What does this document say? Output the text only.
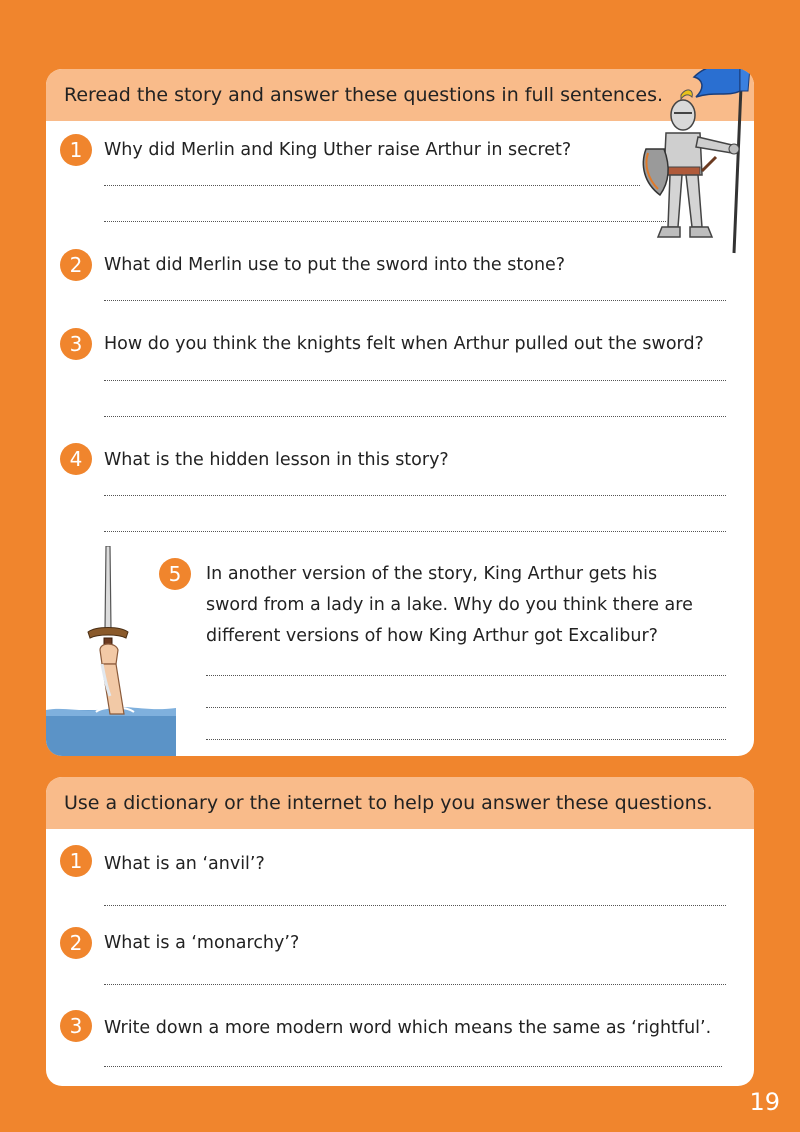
Reread the story and answer these questions in full sentences.
1	Why did Merlin and King Uther raise Arthur in secret?
2	What did Merlin use to put the sword into the stone?
3	How do you think the knights felt when Arthur pulled out the sword?
4	What is the hidden lesson in this story?
5	In another version of the story, King Arthur gets his sword from a lady in a lake. Why do you think there are different versions of how King Arthur got Excalibur?
Use a dictionary or the internet to help you answer these questions.
1	What is an ‘anvil’?
2	What is a ‘monarchy’?
3	Write down a more modern word which means the same as ‘rightful’.
19
